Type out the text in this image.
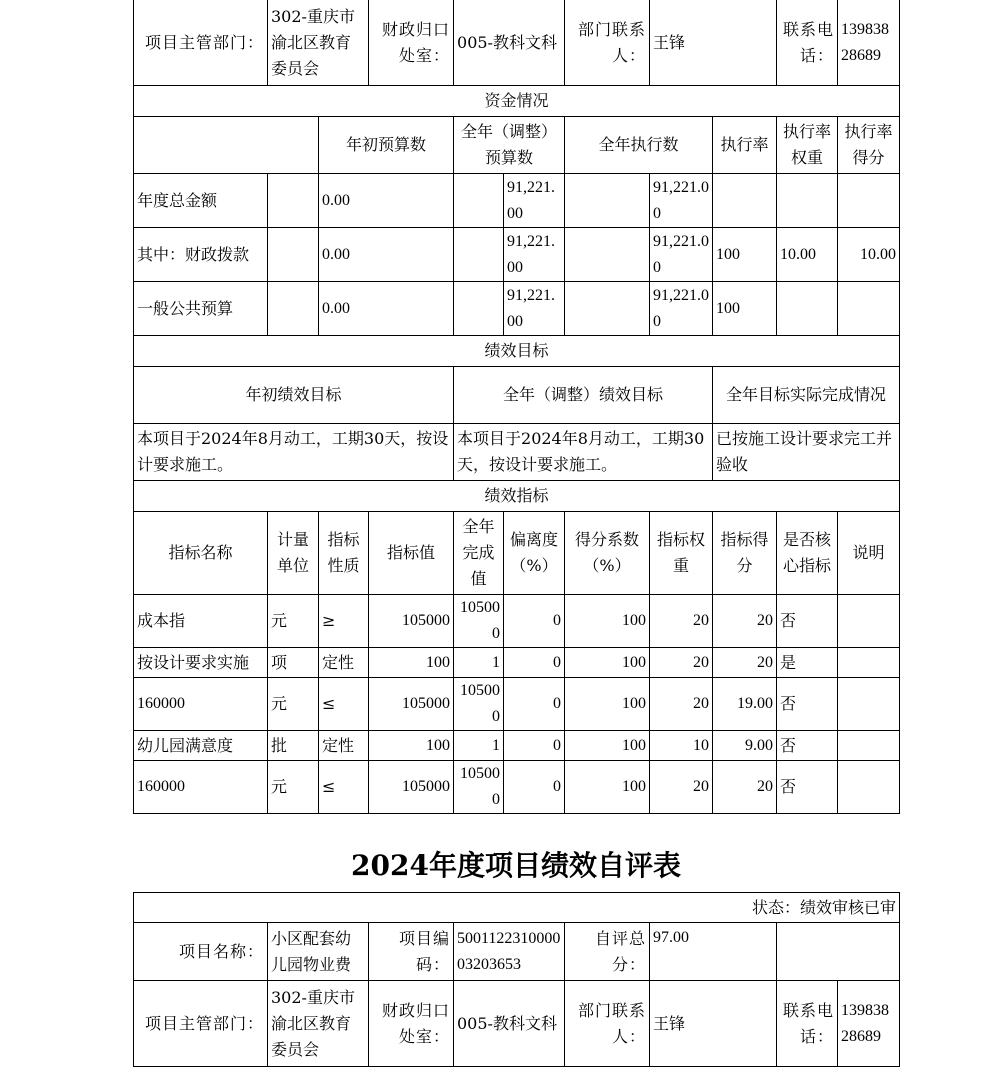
项目主管部门：	302-重庆市渝北区教育委员会		财政归口处室：	005-教科文科		部门联系人：	王锋		联系电话：	13983828689
资金情况										
		年初预算数		全年（调整）预算数		全年执行数		执行率	执行率权重	执行率得分
年度总金额		0.00			91,221.00		91,221.00			
其中：财政拨款		0.00			91,221.00		91,221.00	100	10.00	10.00
一般公共预算		0.00			91,221.00		91,221.00	100		
绩效目标										
年初绩效目标				全年（调整）绩效目标				全年目标实际完成情况		
本项目于2024年8月动工，工期30天，按设计要求施工。				本项目于2024年8月动工，工期30天，按设计要求施工。				已按施工设计要求完工并验收		
绩效指标										
指标名称	计量单位	指标性质	指标值	全年完成值	偏离度（%）	得分系数（%）	指标权重	指标得分	是否核心指标	说明
成本指	元	≥	105000	105000	0	100	20	20	否	
按设计要求实施	项	定性	100	1	0	100	20	20	是	
160000	元	≤	105000	105000	0	100	20	19.00	否	
幼儿园满意度	批	定性	100	1	0	100	10	9.00	否	
160000	元	≤	105000	105000	0	100	20	20	否	
2024年度项目绩效自评表
状态：绩效审核已审							
项目名称：	小区配套幼儿园物业费	项目编码：	500112231000003203653	自评总分：	97.00		
项目主管部门：	302-重庆市渝北区教育委员会	财政归口处室：	005-教科文科	部门联系人：	王锋	联系电话：	13983828689
